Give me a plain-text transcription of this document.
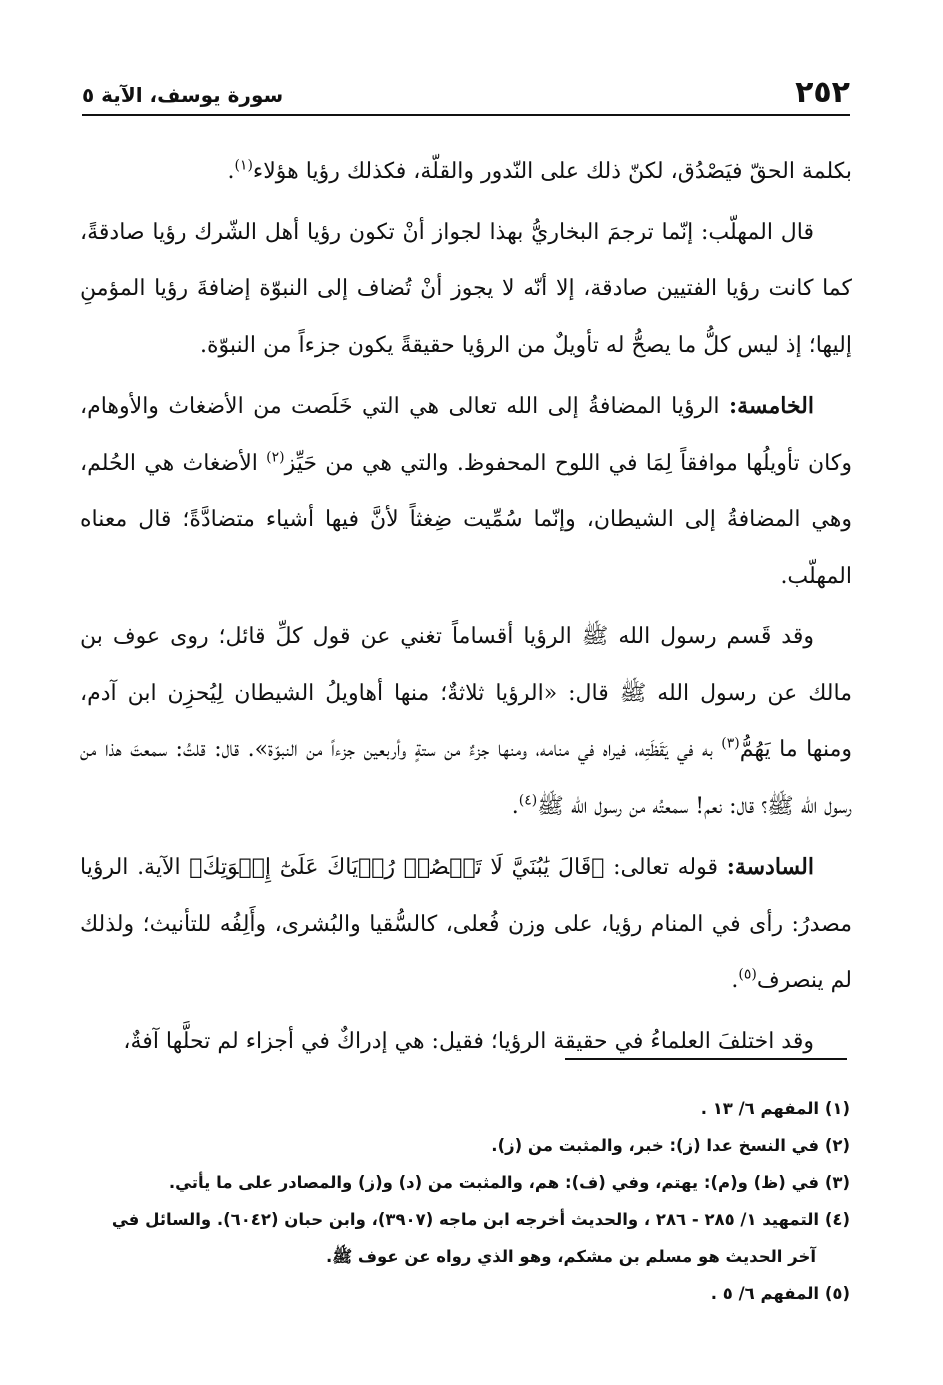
٢٥٢
سورة يوسف، الآية ٥

بكلمة الحقّ فيَصْدُق، لكنّ ذلك على النّدور والقلّة، فكذلك رؤيا هؤلاء$^{(١)}$.

قال المهلّب: إنّما ترجمَ البخاريُّ بهذا لجواز أنْ تكون رؤيا أهل الشّرك رؤيا صادقةً، كما كانت رؤيا الفتيين صادقة، إلا أنّه لا يجوز أنْ تُضاف إلى النبوّة إضافةَ رؤيا المؤمنِ إليها؛ إذ ليس كلُّ ما يصحُّ له تأويلٌ من الرؤيا حقيقةً يكون جزءاً من النبوّة.

الخامسة: الرؤيا المضافةُ إلى الله تعالى هي التي خَلَصت من الأضغاث والأوهام، وكان تأويلُها موافقاً لِمَا في اللوح المحفوظ. والتي هي من حَيِّز$^{(٢)}$ الأضغاث هي الحُلم، وهي المضافةُ إلى الشيطان، وإنّما سُمِّيت ضِغثاً لأنَّ فيها أشياء متضادَّةً؛ قال معناه المهلّب.

وقد قَسم رسول الله ﷺ الرؤيا أقساماً تغني عن قول كلِّ قائل؛ روى عوف بن مالك عن رسول الله ﷺ قال: «الرؤيا ثلاثةٌ؛ منها أهاويلُ الشيطان لِيُحزِن ابن آدم، ومنها ما يَهُمُّ$^{(٣)}$ به في يَقَظَتِه، فيراه في منامه، ومنها جزءٌ من ستةٍ وأربعين جزءاً من النبوّة». قال: قلتُ: سمعتَ هذا من رسول الله ﷺ؟ قال: نعم! سمعتُه من رسول الله ﷺ$^{(٤)}$.

السادسة: قوله تعالى: ﴿قَالَ يَٰبُنَيَّ لَا تَقۡصُصۡ رُءۡيَاكَ عَلَىٰٓ إِخۡوَتِكَ﴾ الآية. الرؤيا مصدرُ: رأى في المنام رؤيا، على وزن فُعلى، كالسُّقيا والبُشرى، وأَلِفُه للتأنيث؛ ولذلك لم ينصرف$^{(٥)}$.

وقد اختلفَ العلماءُ في حقيقة الرؤيا؛ فقيل: هي إدراكٌ في أجزاء لم تحلَّها آفةٌ،

(١) المفهم ٦/ ١٣ .

(٢) في النسخ عدا (ز): خبر، والمثبت من (ز).

(٣) في (ظ) و(م): يهتم، وفي (ف): هم، والمثبت من (د) و(ز) والمصادر على ما يأتي.

(٤) التمهيد ١/ ٢٨٥ - ٢٨٦ ، والحديث أخرجه ابن ماجه (٣٩٠٧)، وابن حبان (٦٠٤٢). والسائل في

آخر الحديث هو مسلم بن مشكم، وهو الذي رواه عن عوف ﷺ.

(٥) المفهم ٦/ ٥ .
